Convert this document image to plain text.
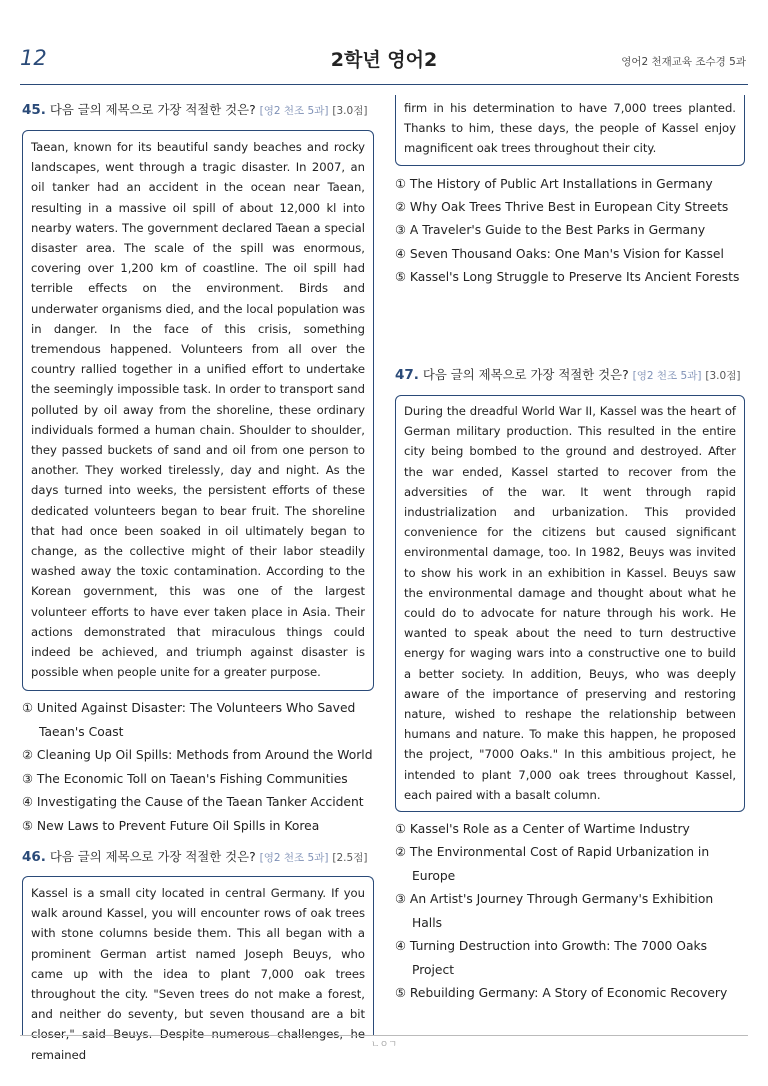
12	2학년 영어2	영어2 천재교육 조수경 5과

45. 다음 글의 제목으로 가장 적절한 것은? [영2 천조 5과] [3.0점]

Taean, known for its beautiful sandy beaches and rocky landscapes, went through a tragic disaster. In 2007, an oil tanker had an accident in the ocean near Taean, resulting in a massive oil spill of about 12,000 kl into nearby waters. The government declared Taean a special disaster area. The scale of the spill was enormous, covering over 1,200 km of coastline. The oil spill had terrible effects on the environment. Birds and underwater organisms died, and the local population was in danger. In the face of this crisis, something tremendous happened. Volunteers from all over the country rallied together in a unified effort to undertake the seemingly impossible task. In order to transport sand polluted by oil away from the shoreline, these ordinary individuals formed a human chain. Shoulder to shoulder, they passed buckets of sand and oil from one person to another. They worked tirelessly, day and night. As the days turned into weeks, the persistent efforts of these dedicated volunteers began to bear fruit. The shoreline that had once been soaked in oil ultimately began to change, as the collective might of their labor steadily washed away the toxic contamination. According to the Korean government, this was one of the largest volunteer efforts to have ever taken place in Asia. Their actions demonstrated that miraculous things could indeed be achieved, and triumph against disaster is possible when people unite for a greater purpose.
① United Against Disaster: The Volunteers Who Saved Taean's Coast
② Cleaning Up Oil Spills: Methods from Around the World
③ The Economic Toll on Taean's Fishing Communities
④ Investigating the Cause of the Taean Tanker Accident
⑤ New Laws to Prevent Future Oil Spills in Korea

46. 다음 글의 제목으로 가장 적절한 것은? [영2 천조 5과] [2.5점]

Kassel is a small city located in central Germany. If you walk around Kassel, you will encounter rows of oak trees with stone columns beside them. This all began with a prominent German artist named Joseph Beuys, who came up with the idea to plant 7,000 oak trees throughout the city. "Seven trees do not make a forest, and neither do seventy, but seven thousand are a bit closer," said Beuys. Despite numerous challenges, he remained
firm in his determination to have 7,000 trees planted. Thanks to him, these days, the people of Kassel enjoy magnificent oak trees throughout their city.
① The History of Public Art Installations in Germany
② Why Oak Trees Thrive Best in European City Streets
③ A Traveler's Guide to the Best Parks in Germany
④ Seven Thousand Oaks: One Man's Vision for Kassel
⑤ Kassel's Long Struggle to Preserve Its Ancient Forests

47. 다음 글의 제목으로 가장 적절한 것은? [영2 천조 5과] [3.0점]

During the dreadful World War II, Kassel was the heart of German military production. This resulted in the entire city being bombed to the ground and destroyed. After the war ended, Kassel started to recover from the adversities of the war. It went through rapid industrialization and urbanization. This provided convenience for the citizens but caused significant environmental damage, too. In 1982, Beuys was invited to show his work in an exhibition in Kassel. Beuys saw the environmental damage and thought about what he could do to advocate for nature through his work. He wanted to speak about the need to turn destructive energy for waging wars into a constructive one to build a better society. In addition, Beuys, who was deeply aware of the importance of preserving and restoring nature, wished to reshape the relationship between humans and nature. To make this happen, he proposed the project, "7000 Oaks." In this ambitious project, he intended to plant 7,000 oak trees throughout Kassel, each paired with a basalt column.
① Kassel's Role as a Center of Wartime Industry
② The Environmental Cost of Rapid Urbanization in Europe
③ An Artist's Journey Through Germany's Exhibition Halls
④ Turning Destruction into Growth: The 7000 Oaks Project
⑤ Rebuilding Germany: A Story of Economic Recovery
ㄴㅇㄱ
